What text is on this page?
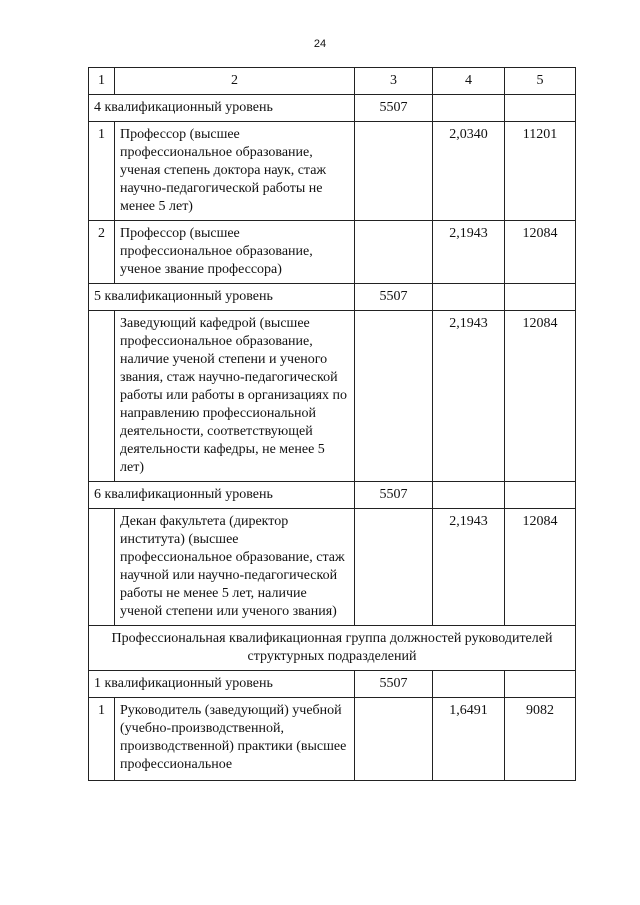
24
1	2	3	4	5
4 квалификационный уровень		5507		
1	Профессор (высшее профессиональное образование, ученая степень доктора наук, стаж научно-педагогической работы не менее 5 лет)		2,0340	11201
2	Профессор (высшее профессиональное образование, ученое звание профессора)		2,1943	12084
5 квалификационный уровень		5507		
	Заведующий кафедрой (высшее профессиональное образование, наличие ученой степени и ученого звания, стаж научно-педагогической работы или работы в организациях по направлению профессиональной деятельности, соответствующей деятельности кафедры, не менее 5 лет)		2,1943	12084
6 квалификационный уровень		5507		
	Декан факультета (директор института) (высшее профессиональное образование, стаж научной или научно-педагогической работы не менее 5 лет, наличие ученой степени или ученого звания)		2,1943	12084
Профессиональная квалификационная группа должностей руководителей структурных подразделений				
1 квалификационный уровень		5507		
1	Руководитель (заведующий) учебной (учебно-производственной, производственной) практики (высшее профессиональное		1,6491	9082
